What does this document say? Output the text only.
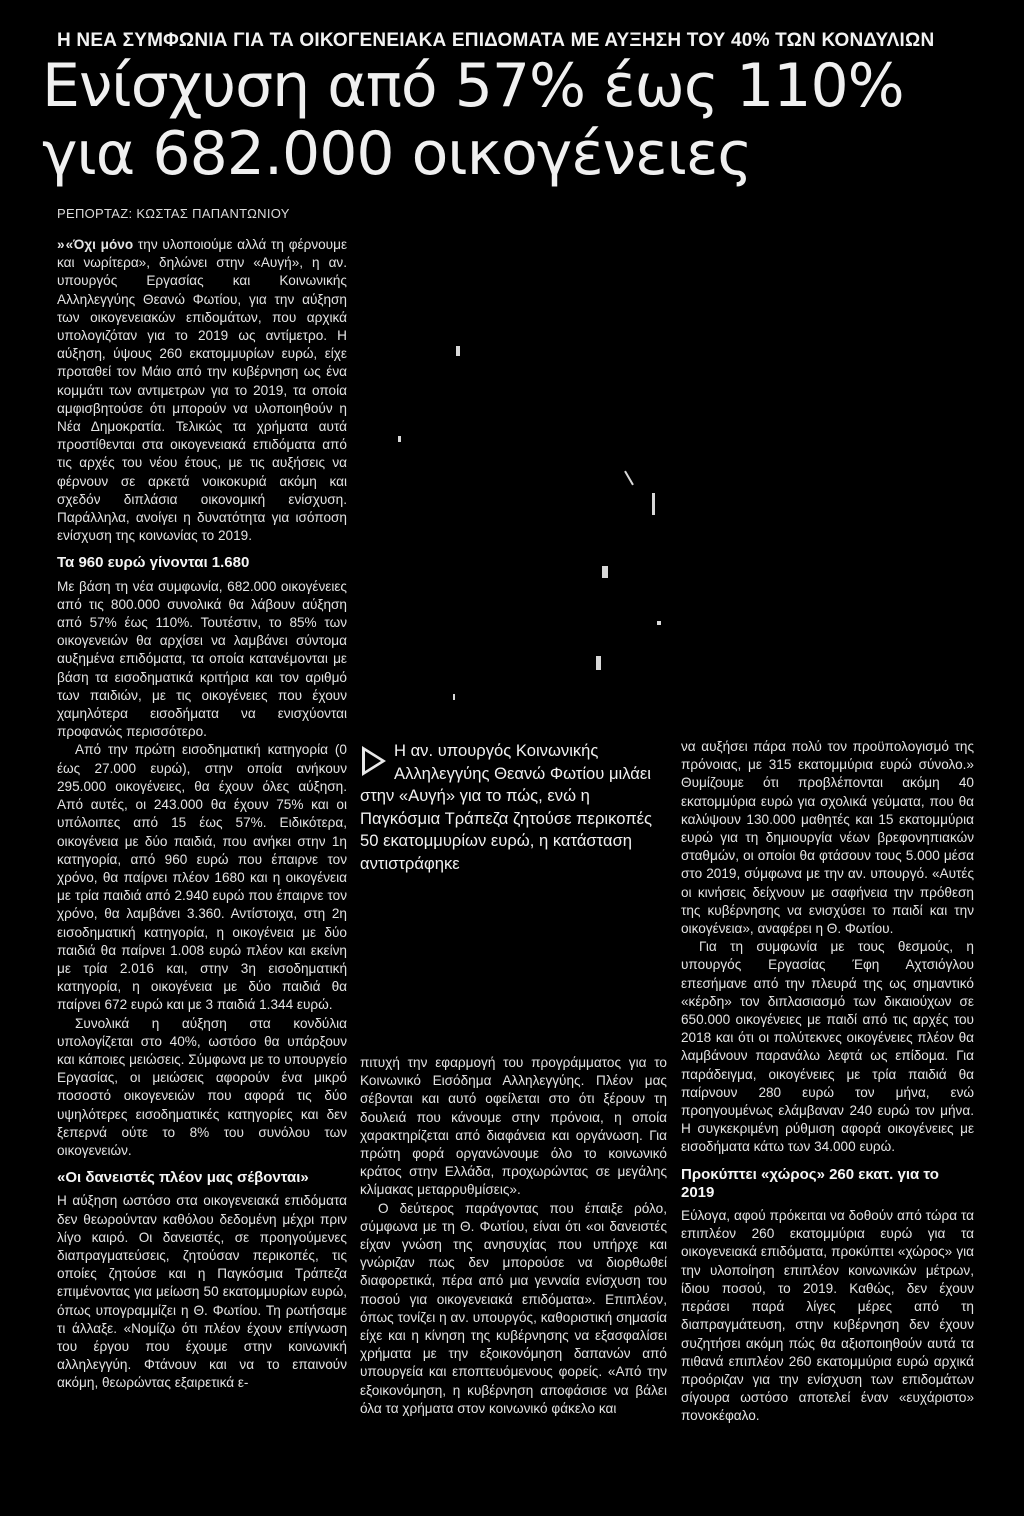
Η ΝΕΑ ΣΥΜΦΩΝΙΑ ΓΙΑ ΤΑ ΟΙΚΟΓΕΝΕΙΑΚΑ ΕΠΙΔΟΜΑΤΑ ΜΕ ΑΥΞΗΣΗ ΤΟΥ 40% ΤΩΝ ΚΟΝΔΥΛΙΩΝ
Ενίσχυση από 57% έως 110%
για 682.000 οικογένειες
ΡΕΠΟΡΤΑΖ: ΚΩΣΤΑΣ ΠΑΠΑΝΤΩΝΙΟΥ

» «Όχι μόνο την υλοποιούμε αλλά τη φέρνουμε και νωρίτερα», δηλώνει στην «Αυγή», η αν. υπουργός Εργασίας και Κοινωνικής Αλληλεγγύης Θεανώ Φωτίου, για την αύξηση των οικογενειακών επιδομάτων, που αρχικά υπολογιζόταν για το 2019 ως αντίμετρο. Η αύξηση, ύψους 260 εκατομμυρίων ευρώ, είχε προταθεί τον Μάιο από την κυβέρνηση ως ένα κομμάτι των αντιμετρων για το 2019, τα οποία αμφισβητούσε ότι μπορούν να υλοποιηθούν η Νέα Δημοκρατία. Τελικώς τα χρήματα αυτά προστίθενται στα οικογενειακά επιδόματα από τις αρχές του νέου έτους, με τις αυξήσεις να φέρνουν σε αρκετά νοικοκυριά ακόμη και σχεδόν διπλάσια οικονομική ενίσχυση. Παράλληλα, ανοίγει η δυνατότητα για ισόποση ενίσχυση της κοινωνίας το 2019.

Τα 960 ευρώ γίνονται 1.680

Με βάση τη νέα συμφωνία, 682.000 οικογένειες από τις 800.000 συνολικά θα λάβουν αύξηση από 57% έως 110%. Τουτέστιν, το 85% των οικογενειών θα αρχίσει να λαμβάνει σύντομα αυξημένα επιδόματα, τα οποία κατανέμονται με βάση τα εισοδηματικά κριτήρια και τον αριθμό των παιδιών, με τις οικογένειες που έχουν χαμηλότερα εισοδήματα να ενισχύονται προφανώς περισσότερο.

Από την πρώτη εισοδηματική κατηγορία (0 έως 27.000 ευρώ), στην οποία ανήκουν 295.000 οικογένειες, θα έχουν όλες αύξηση. Από αυτές, οι 243.000 θα έχουν 75% και οι υπόλοιπες από 15 έως 57%. Ειδικότερα, οικογένεια με δύο παιδιά, που ανήκει στην 1η κατηγορία, από 960 ευρώ που έπαιρνε τον χρόνο, θα παίρνει πλέον 1680 και η οικογένεια με τρία παιδιά από 2.940 ευρώ που έπαιρνε τον χρόνο, θα λαμβάνει 3.360. Αντίστοιχα, στη 2η εισοδηματική κατηγορία, η οικογένεια με δύο παιδιά θα παίρνει 1.008 ευρώ πλέον και εκείνη με τρία 2.016 και, στην 3η εισοδηματική κατηγορία, η οικογένεια με δύο παιδιά θα παίρνει 672 ευρώ και με 3 παιδιά 1.344 ευρώ.

Συνολικά η αύξηση στα κονδύλια υπολογίζεται στο 40%, ωστόσο θα υπάρξουν και κάποιες μειώσεις. Σύμφωνα με το υπουργείο Εργασίας, οι μειώσεις αφορούν ένα μικρό ποσοστό οικογενειών που αφορά τις δύο υψηλότερες εισοδηματικές κατηγορίες και δεν ξεπερνά ούτε το 8% του συνόλου των οικογενειών.

«Οι δανειστές πλέον μας σέβονται»

Η αύξηση ωστόσο στα οικογενειακά επιδόματα δεν θεωρούνταν καθόλου δεδομένη μέχρι πριν λίγο καιρό. Οι δανειστές, σε προηγούμενες διαπραγματεύσεις, ζητούσαν περικοπές, τις οποίες ζητούσε και η Παγκόσμια Τράπεζα επιμένοντας για μείωση 50 εκατομμυρίων ευρώ, όπως υπογραμμίζει η Θ. Φωτίου. Τη ρωτήσαμε τι άλλαξε. «Νομίζω ότι πλέον έχουν επίγνωση του έργου που έχουμε στην κοινωνική αλληλεγγύη. Φτάνουν και να το επαινούν ακόμη, θεωρώντας εξαιρετικά ε-

Η αν. υπουργός Κοινωνικής Αλληλεγγύης Θεανώ Φωτίου μιλάει στην «Αυγή» για το πώς, ενώ η Παγκόσμια Τράπεζα ζητούσε περικοπές 50 εκατομμυρίων ευρώ, η κατάσταση αντιστράφηκε

πιτυχή την εφαρμογή του προγράμματος για το Κοινωνικό Εισόδημα Αλληλεγγύης. Πλέον μας σέβονται και αυτό οφείλεται στο ότι ξέρουν τη δουλειά που κάνουμε στην πρόνοια, η οποία χαρακτηρίζεται από διαφάνεια και οργάνωση. Για πρώτη φορά οργανώνουμε όλο το κοινωνικό κράτος στην Ελλάδα, προχωρώντας σε μεγάλης κλίμακας μεταρρυθμίσεις».

Ο δεύτερος παράγοντας που έπαιξε ρόλο, σύμφωνα με τη Θ. Φωτίου, είναι ότι «οι δανειστές είχαν γνώση της ανησυχίας που υπήρχε και γνώριζαν πως δεν μπορούσε να διορθωθεί διαφορετικά, πέρα από μια γενναία ενίσχυση του ποσού για οικογενειακά επιδόματα». Επιπλέον, όπως τονίζει η αν. υπουργός, καθοριστική σημασία είχε και η κίνηση της κυβέρνησης να εξασφαλίσει χρήματα με την εξοικονόμηση δαπανών από υπουργεία και εποπτευόμενους φορείς. «Από την εξοικονόμηση, η κυβέρνηση αποφάσισε να βάλει όλα τα χρήματα στον κοινωνικό φάκελο και

να αυξήσει πάρα πολύ τον προϋπολογισμό της πρόνοιας, με 315 εκατομμύρια ευρώ σύνολο.» Θυμίζουμε ότι προβλέπονται ακόμη 40 εκατομμύρια ευρώ για σχολικά γεύματα, που θα καλύψουν 130.000 μαθητές και 15 εκατομμύρια ευρώ για τη δημιουργία νέων βρεφονηπιακών σταθμών, οι οποίοι θα φτάσουν τους 5.000 μέσα στο 2019, σύμφωνα με την αν. υπουργό. «Αυτές οι κινήσεις δείχνουν με σαφήνεια την πρόθεση της κυβέρνησης να ενισχύσει το παιδί και την οικογένεια», αναφέρει η Θ. Φωτίου.

Για τη συμφωνία με τους θεσμούς, η υπουργός Εργασίας Έφη Αχτσιόγλου επεσήμανε από την πλευρά της ως σημαντικό «κέρδη» τον διπλασιασμό των δικαιούχων σε 650.000 οικογένειες με παιδί από τις αρχές του 2018 και ότι οι πολύτεκνες οικογένειες πλέον θα λαμβάνουν παρανάλω λεφτά ως επίδομα. Για παράδειγμα, οικογένειες με τρία παιδιά θα παίρνουν 280 ευρώ τον μήνα, ενώ προηγουμένως ελάμβαναν 240 ευρώ τον μήνα. Η συγκεκριμένη ρύθμιση αφορά οικογένειες με εισοδήματα κάτω των 34.000 ευρώ.

Προκύπτει «χώρος» 260 εκατ. για το 2019

Εύλογα, αφού πρόκειται να δοθούν από τώρα τα επιπλέον 260 εκατομμύρια ευρώ για τα οικογενειακά επιδόματα, προκύπτει «χώρος» για την υλοποίηση επιπλέον κοινωνικών μέτρων, ίδιου ποσού, το 2019. Καθώς, δεν έχουν περάσει παρά λίγες μέρες από τη διαπραγμάτευση, στην κυβέρνηση δεν έχουν συζητήσει ακόμη πώς θα αξιοποιηθούν αυτά τα πιθανά επιπλέον 260 εκατομμύρια ευρώ αρχικά προόριζαν για την ενίσχυση των επιδομάτων σίγουρα ωστόσο αποτελεί έναν «ευχάριστο» πονοκέφαλο.
